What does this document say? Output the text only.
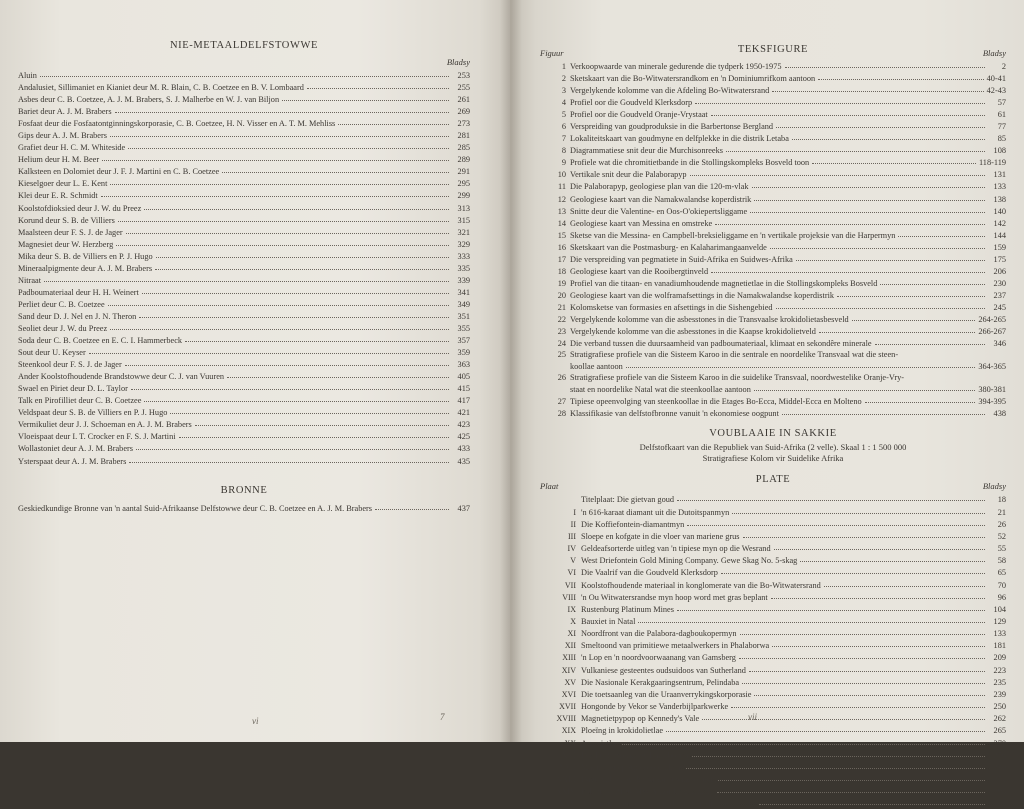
NIE-METAALDELFSTOWWE
Bladsy
Aluin	253
Andalusiet, Sillimaniet en Kianiet deur M. R. Blain, C. B. Coetzee en B. V. Lombaard	255
Asbes deur C. B. Coetzee, A. J. M. Brabers, S. J. Malherbe en W. J. van Biljon	261
Bariet deur A. J. M. Brabers	269
Fosfaat deur die Fosfaatontginningskorporasie, C. B. Coetzee, H. N. Visser en A. T. M. Mehliss	273
Gips deur A. J. M. Brabers	281
Grafiet deur H. C. M. Whiteside	285
Helium deur H. M. Beer	289
Kalksteen en Dolomiet deur J. F. J. Martini en C. B. Coetzee	291
Kieselgoer deur L. E. Kent	295
Klei deur E. R. Schmidt	299
Koolstofdioksied deur J. W. du Preez	313
Korund deur S. B. de Villiers	315
Maalsteen deur F. S. J. de Jager	321
Magnesiet deur W. Herzberg	329
Mika deur S. B. de Villiers en P. J. Hugo	333
Mineraalpigmente deur A. J. M. Brabers	335
Nitraat	339
Padboumateriaal deur H. H. Weinert	341
Perliet deur C. B. Coetzee	349
Sand deur D. J. Nel en J. N. Theron	351
Seoliet deur J. W. du Preez	355
Soda deur C. B. Coetzee en E. C. I. Hammerbeck	357
Sout deur U. Keyser	359
Steenkool deur F. S. J. de Jager	363
Ander Koolstofhoudende Brandstowwe deur C. J. van Vuuren	405
Swael en Piriet deur D. L. Taylor	415
Talk en Pirofilliet deur C. B. Coetzee	417
Veldspaat deur S. B. de Villiers en P. J. Hugo	421
Vermikuliet deur J. J. Schoeman en A. J. M. Brabers	423
Vloeispaat deur I. T. Crocker en F. S. J. Martini	425
Wollastoniet deur A. J. M. Brabers	433
Ysterspaat deur A. J. M. Brabers	435
BRONNE
Geskiedkundige Bronne van 'n aantal Suid-Afrikaanse Delfstowwe deur C. B. Coetzee en A. J. M. Brabers	437
vi	7
TEKSFIGURE
Figuur	Bladsy
1 Verkoopwaarde van minerale gedurende die tydperk 1950-1975	2
2 Sketskaart van die Bo-Witwatersrandkom en 'n Dominiumrifkom aantoon	40-41
3 Vergelykende kolomme van die Afdeling Bo-Witwatersrand	42-43
4 Profiel oor die Goudveld Klerksdorp	57
5 Profiel oor die Goudveld Oranje-Vrystaat	61
6 Verspreiding van goudproduksie in die Barbertonse Bergland	77
7 Lokaliteitskaart van goudmyne en delfplekke in die distrik Letaba	85
8 Diagrammatiese snit deur die Murchisonreeks	108
9 Profiele wat die chromitietbande in die Stollingskompleks Bosveld toon	118-119
10 Vertikale snit deur die Palaborapyp	131
11 Die Palaborapyp, geologiese plan van die 120-m-vlak	133
12 Geologiese kaart van die Namakwalandse koperdistrik	138
13 Snitte deur die Valentine- en Oos-O'okiepertsliggame	140
14 Geologiese kaart van Messina en omstreke	142
15 Sketse van die Messina- en Campbell-breksieliggame en 'n vertikale projeksie van die Harpermyn	144
16 Sketskaart van die Postmasburg- en Kalaharimangaanvelde	159
17 Die verspreiding van pegmatiete in Suid-Afrika en Suidwes-Afrika	175
18 Geologiese kaart van die Rooibergtinveld	206
19 Profiel van die titaan- en vanadiumhoudende magnetietlae in die Stollingskompleks Bosveld	230
20 Geologiese kaart van die wolframafsettings in die Namakwalandse koperdistrik	237
21 Kolomsketse van formasies en afsettings in die Sishengebied	245
22 Vergelykende kolomme van die asbesstones in die Transvaalse krokidolietasbesveld	264-265
23 Vergelykende kolomme van die asbesstones in die Kaapse krokidolietveld	266-267
24 Die verband tussen die duursaamheid van padboumateriaal, klimaat en sekondêre minerale	346
25 Stratigrafiese profiele van die Sisteem Karoo in die sentrale en noordelike Transvaal wat die steen-
koollae aantoon	364-365
26 Stratigrafiese profiele van die Sisteem Karoo in die suidelike Transvaal, noordwestelike Oranje-Vry-
staat en noordelike Natal wat die steenkoollae aantoon	380-381
27 Tipiese opeenvolging van steenkoollae in die Etages Bo-Ecca, Middel-Ecca en Molteno	394-395
28 Klassifikasie van delfstofbronne vanuit 'n ekonomiese oogpunt	438
VOUBLAAIE IN SAKKIE
Delfstofkaart van die Republiek van Suid-Afrika (2 velle). Skaal 1 : 1 500 000
Stratigrafiese Kolom vir Suidelike Afrika
PLATE
Plaat	Bladsy
Titelplaat: Die gietvan goud	18
I 'n 616-karaat diamant uit die Dutoitspanmyn	21
II Die Koffiefontein-diamantmyn	26
III Sloepe en kofgate in die vloer van mariene grus	52
IV Geldeafsorterde uitleg van 'n tipiese myn op die Wesrand	55
V West Driefontein Gold Mining Company. Gewe Skag No. 5-skag	58
VI Die Vaalrif van die Goudveld Klerksdorp	65
VII Koolstofhoudende materiaal in konglomerate van die Bo-Witwatersrand	70
VIII 'n Ou Witwatersrandse myn hoop word met gras beplant	96
IX Rustenburg Platinum Mines	104
X Bauxiet in Natal	129
XI Noordfront van die Palabora-dagboukopermyn	133
XII Smeltoond van primitiewe metaalwerkers in Phalaborwa	181
XIII 'n Lop en 'n noordvoorwaanang van Gamsberg	209
XIV Vulkaniese gesteentes oudsuidoos van Sutherland	223
XV Die Nasionale Kerakgaaringsentrum, Pelindaba	235
XVI Die toetsaanleg van die Uraanverrykingskorporasie	239
XVII Hongonde by Vekor se Vanderbijlparkwerke	250
XVIII Magnetietpypop op Kennedy's Vale	262
XIX Ploeïng in krokidolietlae	265
XX Amosietlae	270
XXI Die Fosforwerke by Phalaborwa	276
XXII Magnesiet op Apiesdoorndraai	330
XXIII Dagmynbou by die Arnot-steenkoolmyn	371
XXIV Eskom se 2100-MW Arnot-kragsentrale	398
XXV Algemene aansig van 'n gedeelte van die Sasolwerke	401
vii
